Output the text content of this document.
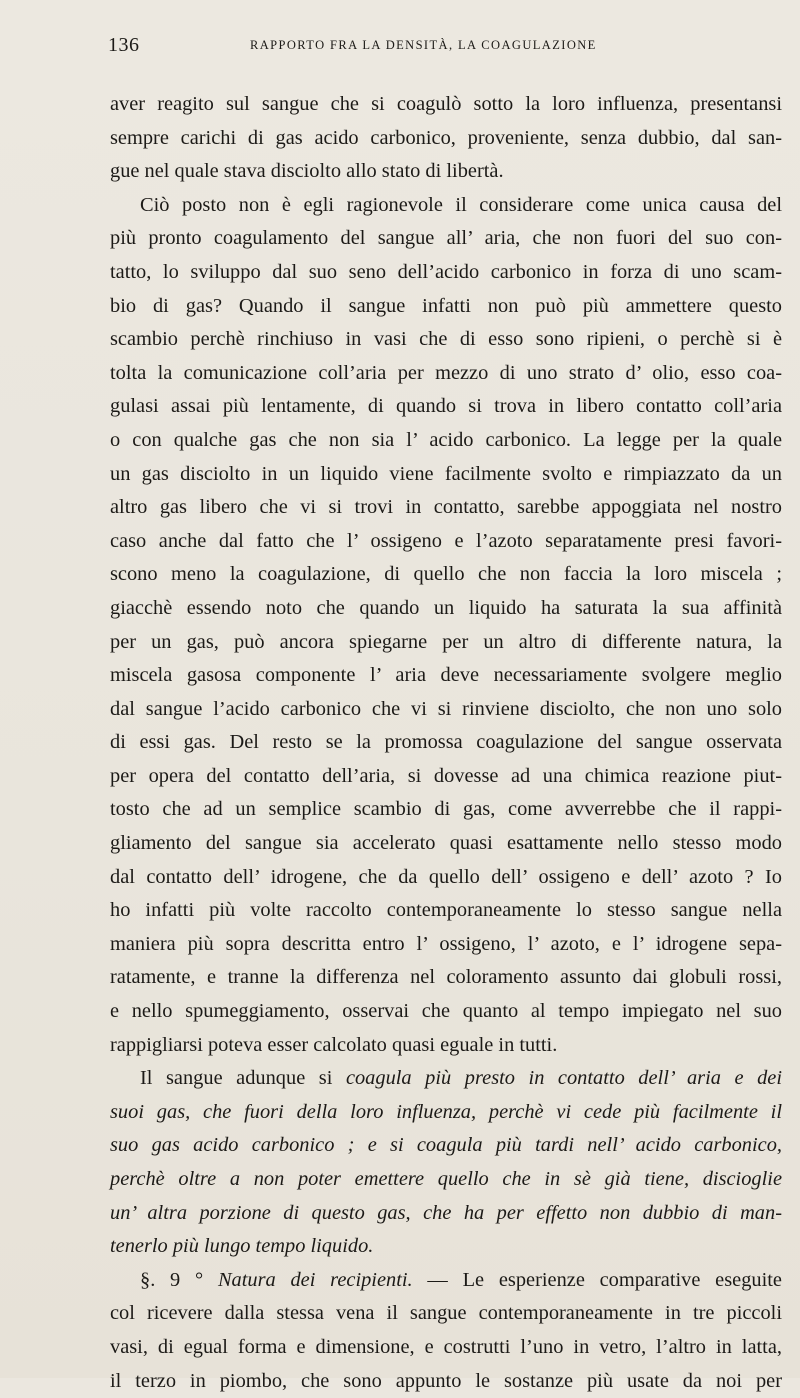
136	RAPPORTO FRA LA DENSITÀ, LA COAGULAZIONE
aver reagito sul sangue che si coagulò sotto la loro influenza, presentansi
sempre carichi di gas acido carbonico, proveniente, senza dubbio, dal san-
gue nel quale stava disciolto allo stato di libertà.
Ciò posto non è egli ragionevole il considerare come unica causa del
più pronto coagulamento del sangue all’ aria, che non fuori del suo con-
tatto, lo sviluppo dal suo seno dell’acido carbonico in forza di uno scam-
bio di gas? Quando il sangue infatti non può più ammettere questo
scambio perchè rinchiuso in vasi che di esso sono ripieni, o perchè si è
tolta la comunicazione coll’aria per mezzo di uno strato d’ olio, esso coa-
gulasi assai più lentamente, di quando si trova in libero contatto coll’aria
o con qualche gas che non sia l’ acido carbonico. La legge per la quale
un gas disciolto in un liquido viene facilmente svolto e rimpiazzato da un
altro gas libero che vi si trovi in contatto, sarebbe appoggiata nel nostro
caso anche dal fatto che l’ ossigeno e l’azoto separatamente presi favori-
scono meno la coagulazione, di quello che non faccia la loro miscela ;
giacchè essendo noto che quando un liquido ha saturata la sua affinità
per un gas, può ancora spiegarne per un altro di differente natura, la
miscela gasosa componente l’ aria deve necessariamente svolgere meglio
dal sangue l’acido carbonico che vi si rinviene disciolto, che non uno solo
di essi gas. Del resto se la promossa coagulazione del sangue osservata
per opera del contatto dell’aria, si dovesse ad una chimica reazione piut-
tosto che ad un semplice scambio di gas, come avverrebbe che il rappi-
gliamento del sangue sia accelerato quasi esattamente nello stesso modo
dal contatto dell’ idrogene, che da quello dell’ ossigeno e dell’ azoto ? Io
ho infatti più volte raccolto contemporaneamente lo stesso sangue nella
maniera più sopra descritta entro l’ ossigeno, l’ azoto, e l’ idrogene sepa-
ratamente, e tranne la differenza nel coloramento assunto dai globuli rossi,
e nello spumeggiamento, osservai che quanto al tempo impiegato nel suo
rappigliarsi poteva esser calcolato quasi eguale in tutti.
Il sangue adunque si coagula più presto in contatto dell’ aria e dei
suoi gas, che fuori della loro influenza, perchè vi cede più facilmente il
suo gas acido carbonico ; e si coagula più tardi nell’ acido carbonico,
perchè oltre a non poter emettere quello che in sè già tiene, discioglie
un’ altra porzione di questo gas, che ha per effetto non dubbio di man-
tenerlo più lungo tempo liquido.
§. 9 ° Natura dei recipienti. — Le esperienze comparative eseguite
col ricevere dalla stessa vena il sangue contemporaneamente in tre piccoli
vasi, di egual forma e dimensione, e costrutti l’uno in vetro, l’altro in latta,
il terzo in piombo, che sono appunto le sostanze più usate da noi per
